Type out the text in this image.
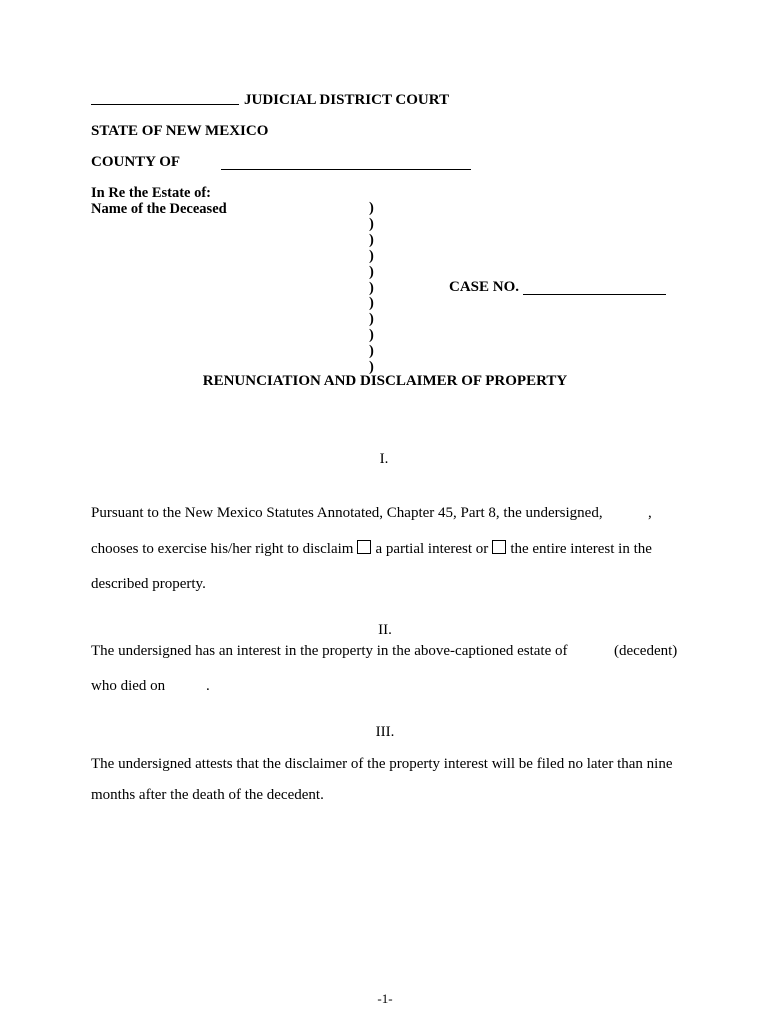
JUDICIAL DISTRICT COURT
STATE OF NEW MEXICO
COUNTY OF
In Re the Estate of:
Name of the Deceased	)
)
)
)
)
)
)
)
)
)
)
CASE NO.
RENUNCIATION AND DISCLAIMER OF PROPERTY
I.
Pursuant to the New Mexico Statutes Annotated, Chapter 45, Part 8, the undersigned,	,
chooses to exercise his/her right to disclaim a partial interest or the entire interest in the
described property.
II.
The undersigned has an interest in the property in the above-captioned estate of	(decedent)
who died on	.
III.
The undersigned attests that the disclaimer of the property interest will be filed no later than nine
months after the death of the decedent.
-1-
